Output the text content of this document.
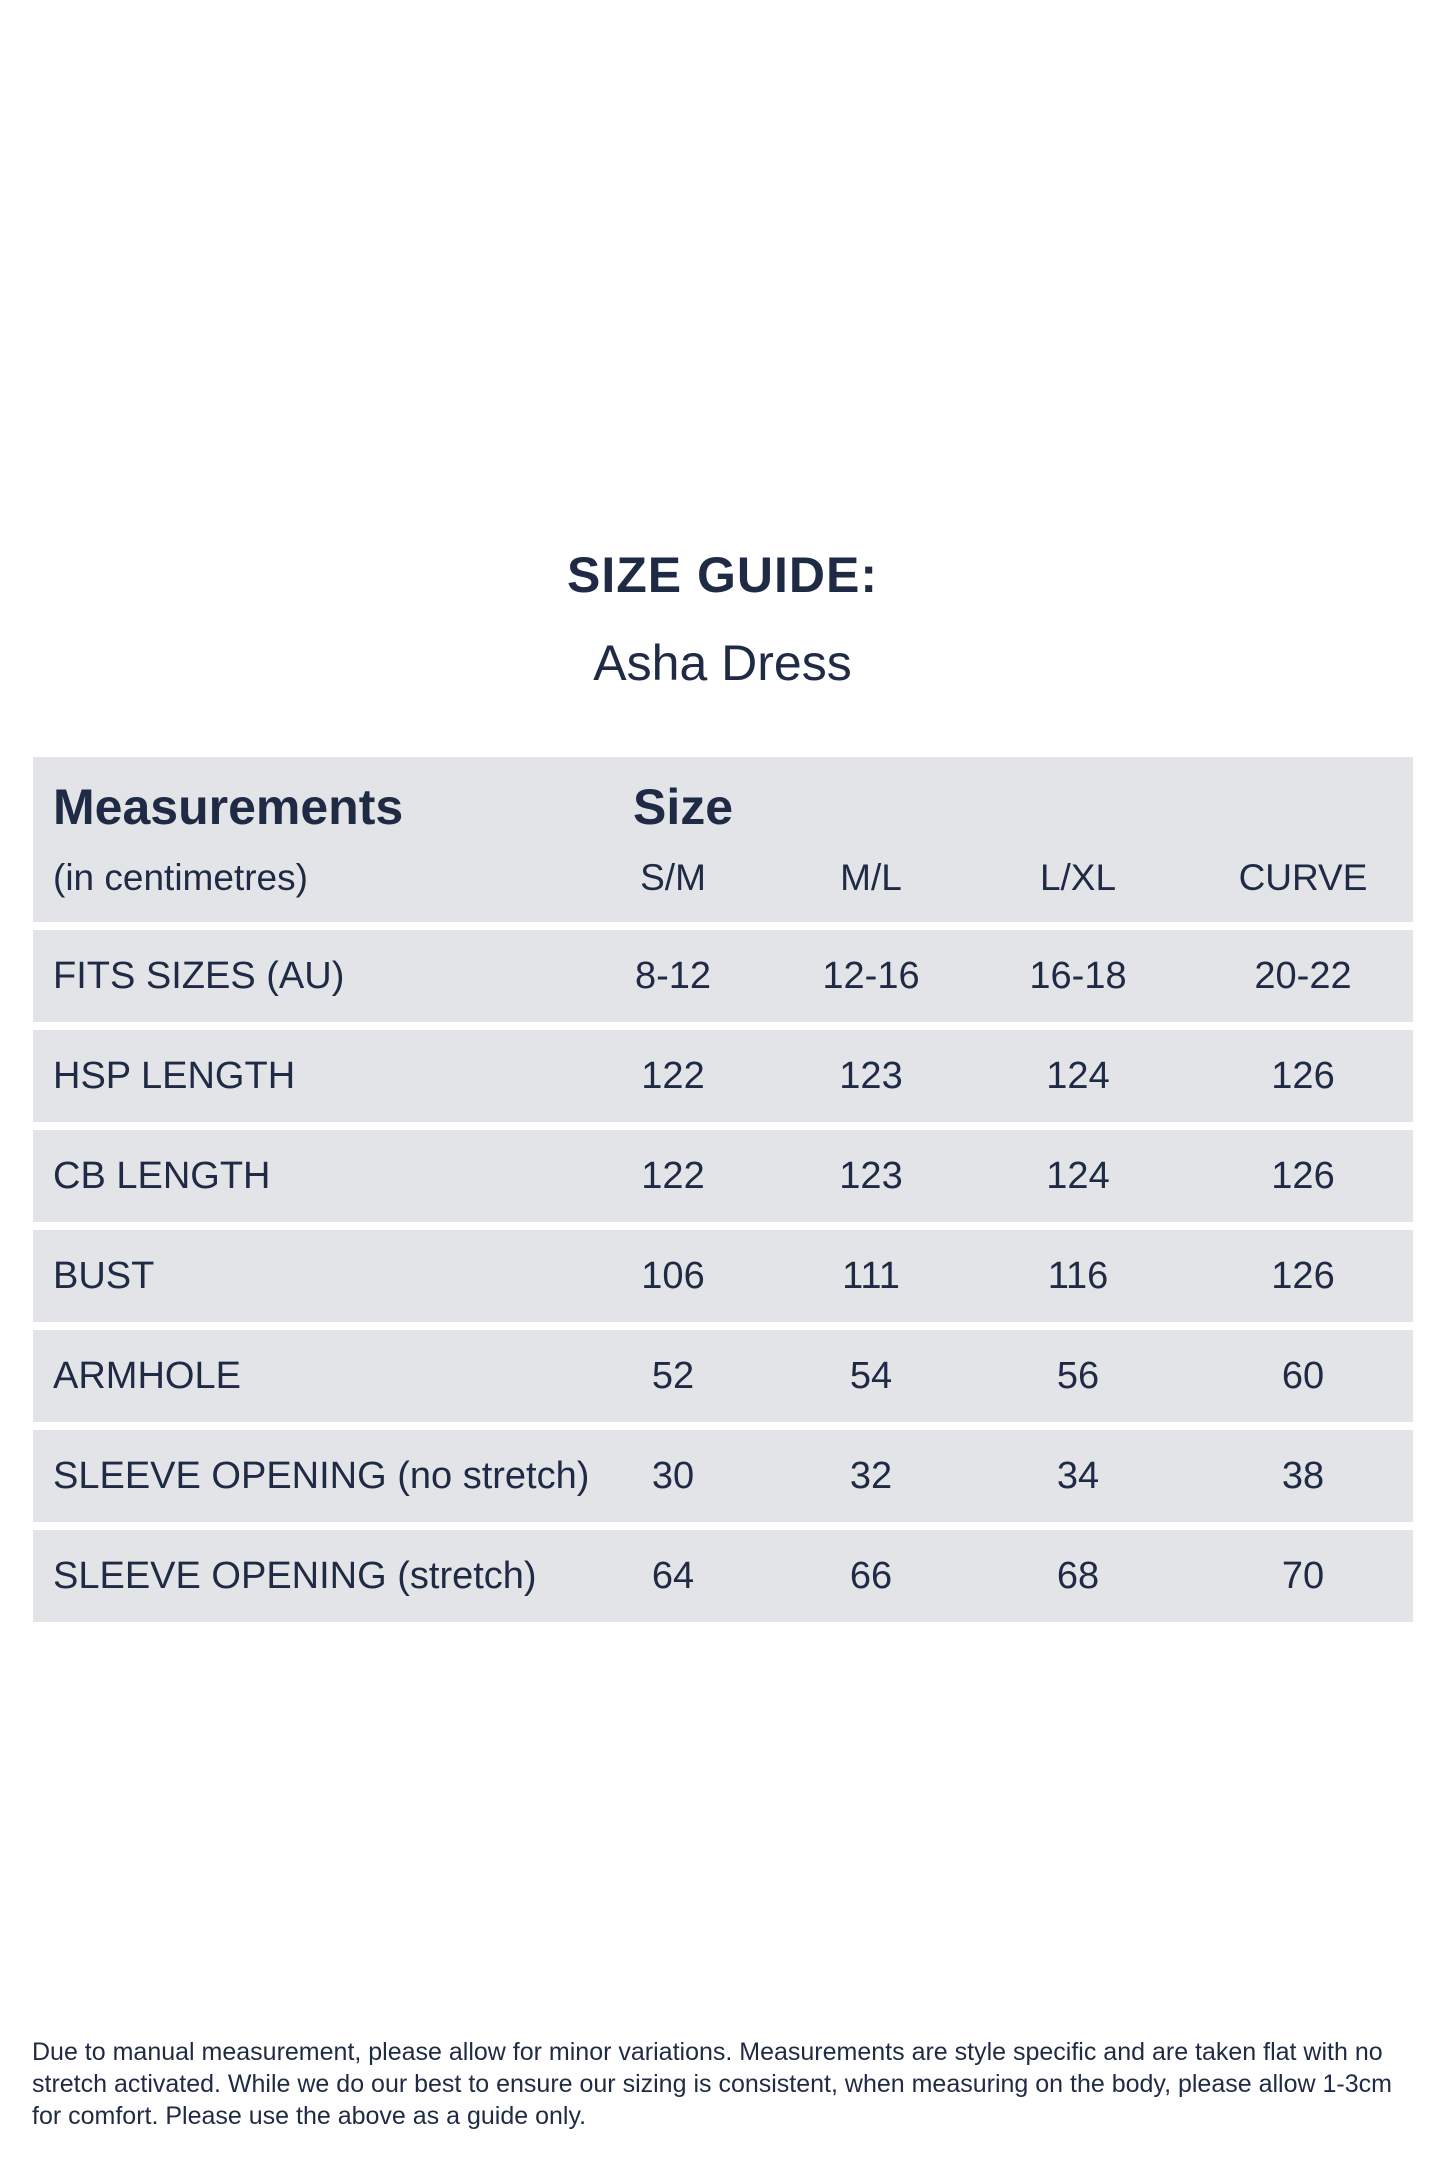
SIZE GUIDE:
Asha Dress
Measurements
(in centimetres)
Size
S/M	M/L	L/XL	CURVE
FITS SIZES (AU)	8-12	12-16	16-18	20-22
HSP LENGTH	122	123	124	126
CB LENGTH	122	123	124	126
BUST	106	111	116	126
ARMHOLE	52	54	56	60
SLEEVE OPENING (no stretch)	30	32	34	38
SLEEVE OPENING (stretch)	64	66	68	70
Due to manual measurement, please allow for minor variations. Measurements are style specific and are taken flat with no stretch activated. While we do our best to ensure our sizing is consistent, when measuring on the body, please allow 1-3cm for comfort. Please use the above as a guide only.
